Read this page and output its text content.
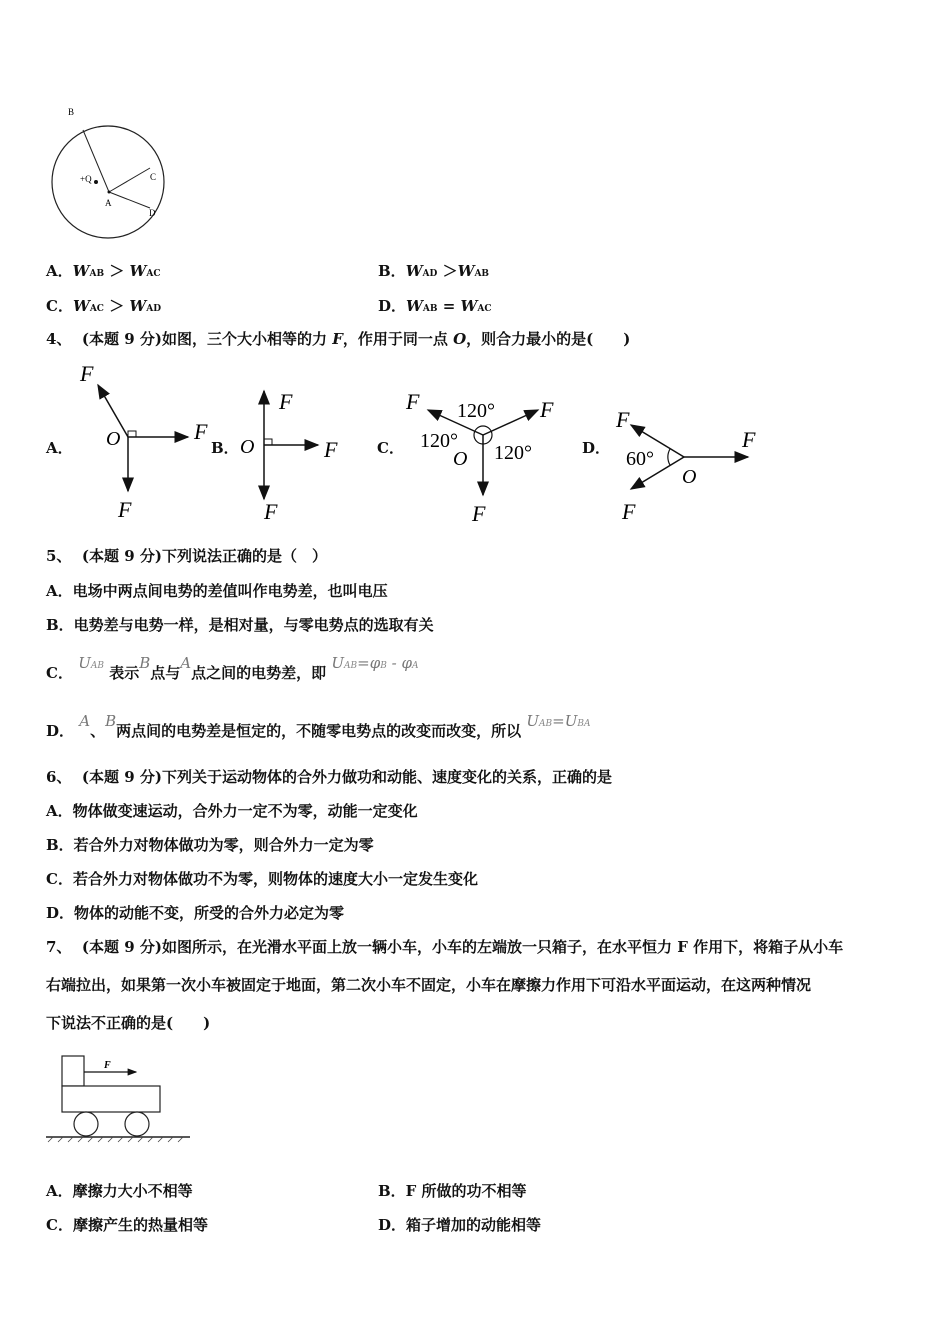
B
C
D
A
+Q
A．WAB ＞ WAC	B．WAD ＞WAB
C．WAC ＞ WAD	D．WAB = WAC
4、 (本题 9 分)如图，三个大小相等的力 F，作用于同一点 O，则合力最小的是(　　)
A．	B．	C．	D．
F
F
F
O
F
F
F
O
F	F
F
120°
120°
120°
O
F
F
F
60°
O
5、 (本题 9 分)下列说法正确的是（　）
A．电场中两点间电势的差值叫作电势差，也叫电压
B．电势差与电势一样，是相对量，与零电势点的选取有关
C． UAB 表示B点与A点之间的电势差，即 UAB=φB - φA
D． A、B两点间的电势差是恒定的，不随零电势点的改变而改变，所以 UAB=UBA
6、 (本题 9 分)下列关于运动物体的合外力做功和动能、速度变化的关系，正确的是
A．物体做变速运动，合外力一定不为零，动能一定变化
B．若合外力对物体做功为零，则合外力一定为零
C．若合外力对物体做功不为零，则物体的速度大小一定发生变化
D．物体的动能不变，所受的合外力必定为零
7、 (本题 9 分)如图所示，在光滑水平面上放一辆小车，小车的左端放一只箱子，在水平恒力 F 作用下，将箱子从小车
右端拉出，如果第一次小车被固定于地面，第二次小车不固定，小车在摩擦力作用下可沿水平面运动，在这两种情况
下说法不正确的是(　　)
F
A．摩擦力大小不相等	B．F 所做的功不相等
C．摩擦产生的热量相等	D．箱子增加的动能相等
